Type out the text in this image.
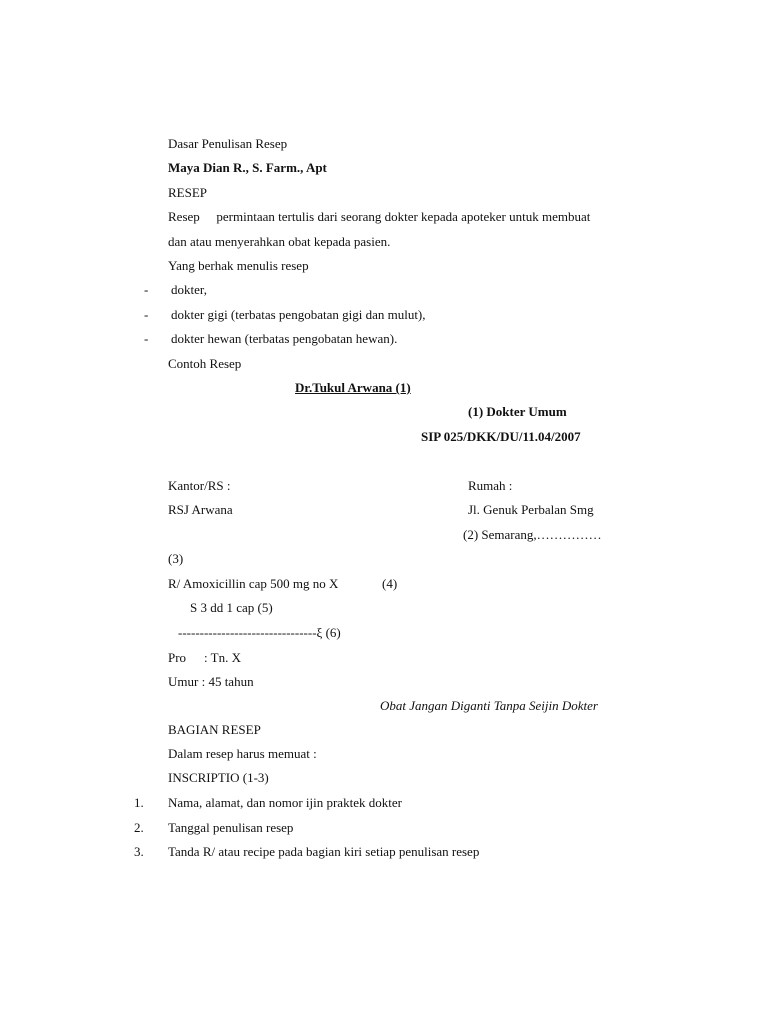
Dasar Penulisan Resep
Maya Dian R., S. Farm., Apt
RESEP
Resep permintaan tertulis dari seorang dokter kepada apoteker untuk membuat
dan atau menyerahkan obat kepada pasien.
Yang berhak menulis resep
- dokter,
- dokter gigi (terbatas pengobatan gigi dan mulut),
- dokter hewan (terbatas pengobatan hewan).
Contoh Resep
Dr.Tukul Arwana (1)
(1) Dokter Umum
SIP 025/DKK/DU/11.04/2007
Kantor/RS :	Rumah :
RSJ Arwana	Jl. Genuk Perbalan Smg
(2) Semarang,……………
(3)
R/ Amoxicillin cap 500 mg no X	(4)
S 3 dd 1 cap (5)
--------------------------------ξ (6)
Pro : Tn. X
Umur : 45 tahun
Obat Jangan Diganti Tanpa Seijin Dokter
BAGIAN RESEP
Dalam resep harus memuat :
INSCRIPTIO (1-3)
1. Nama, alamat, dan nomor ijin praktek dokter
2. Tanggal penulisan resep
3. Tanda R/ atau recipe pada bagian kiri setiap penulisan resep
